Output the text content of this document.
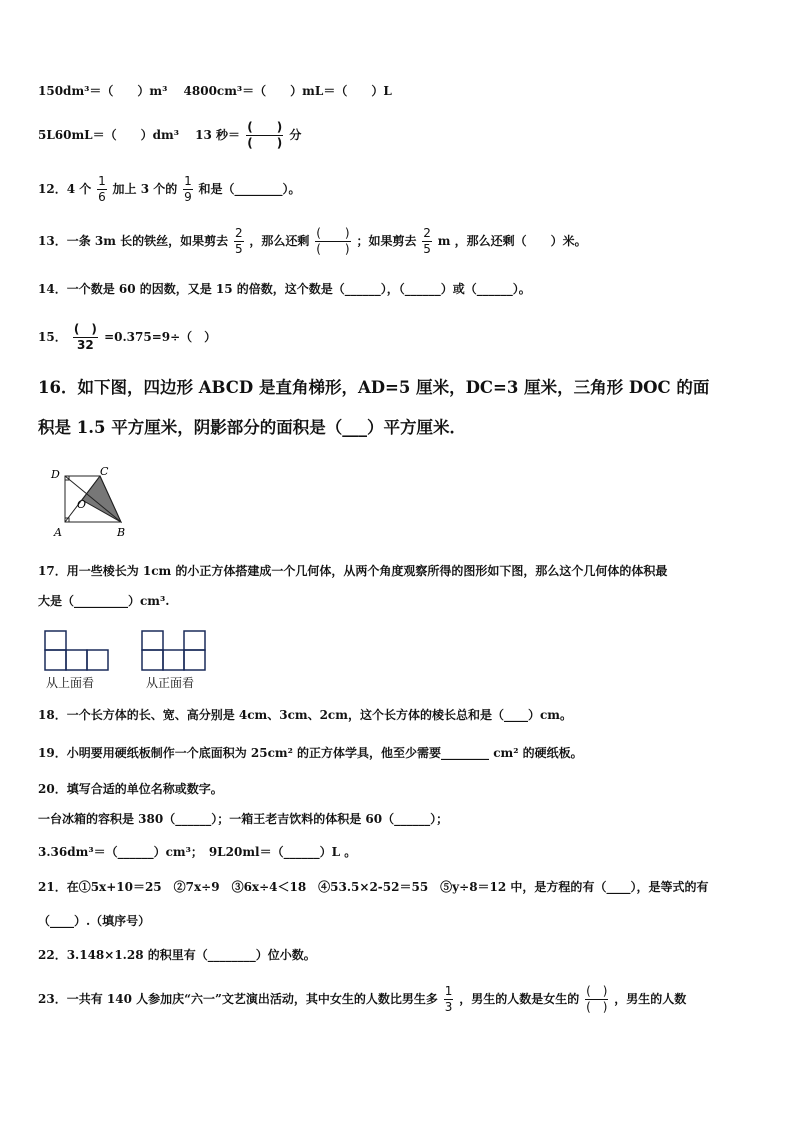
150dm³＝（　　）m³　 4800cm³＝（　　）mL＝（　　）L
5L60mL＝（　　）dm³　 13 秒＝ $\frac{( )}{( )}$ 分
12．4 个 $\frac{1}{6}$ 加上 3 个的 $\frac{1}{9}$ 和是（________）。
13．一条 3m 长的铁丝，如果剪去 $\frac{2}{5}$ ，那么还剩 $\frac{( )}{( )}$ ；如果剪去 $\frac{2}{5}$ m ，那么还剩（　　）米。
14．一个数是 60 的因数，又是 15 的倍数，这个数是（______），（______）或（______）。
15． $\frac{( )}{32} =0.375=9\div$（　）
16．如下图，四边形 ABCD 是直角梯形，AD=5 厘米，DC=3 厘米，三角形 DOC 的面
积是 1.5 平方厘米，阴影部分的面积是（___）平方厘米．
D	C
O
A	B
17．用一些棱长为 1cm 的小正方体搭建成一个几何体，从两个角度观察所得的图形如下图，那么这个几何体的体积最
大是（_________）cm³.
从上面看	从正面看
18．一个长方体的长、宽、高分别是 4cm、3cm、2cm，这个长方体的棱长总和是（____）cm。
19．小明要用硬纸板制作一个底面积为 25cm² 的正方体学具，他至少需要________ cm² 的硬纸板。
20．填写合适的单位名称或数字。
一台冰箱的容积是 380（______）；一箱王老吉饮料的体积是 60（______）；
3.36dm³＝（______）cm³；　9L20ml＝（______）L 。
21．在①5x+10＝25　②7x÷9　③6x÷4＜18　④53.5×2-52＝55　⑤y÷8＝12 中，是方程的有（____），是等式的有
（____）.（填序号）
22．3.148×1.28 的积里有（________）位小数。
23．一共有 140 人参加庆“六一”文艺演出活动，其中女生的人数比男生多 $\frac{1}{3}$ ，男生的人数是女生的 $\frac{( )}{( )}$ ，男生的人数
